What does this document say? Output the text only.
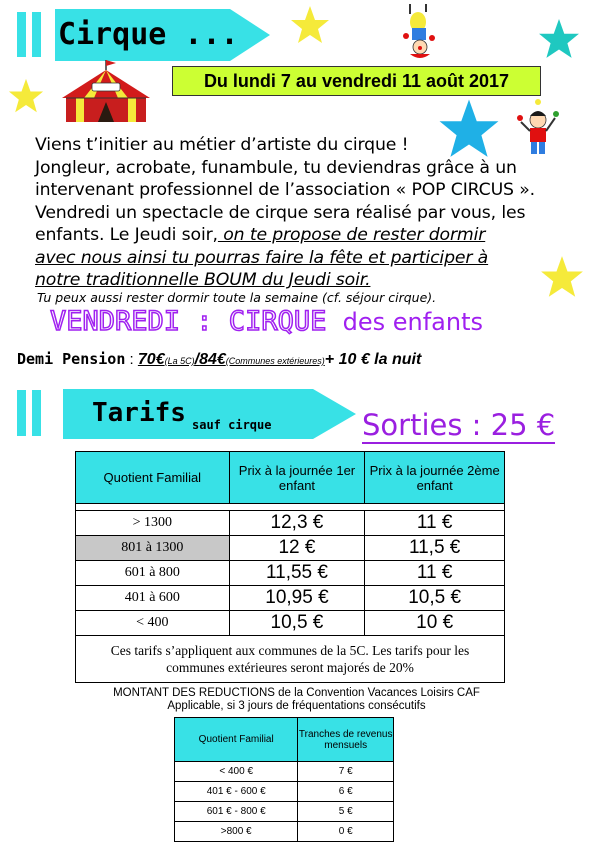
Cirque ...
Du lundi 7 au vendredi 11 août 2017
Viens t’initier au métier d’artiste du cirque !
Jongleur, acrobate, funambule, tu deviendras grâce à un
intervenant professionnel de l’association « POP CIRCUS ».
Vendredi un spectacle de cirque sera réalisé par vous, les
enfants. Le Jeudi soir, on te propose de rester dormir
avec nous ainsi tu pourras faire la fête et participer à
notre traditionnelle BOUM du Jeudi soir.
Tu peux aussi rester dormir toute la semaine (cf. séjour cirque).
VENDREDI : CIRQUE des enfants
Demi Pension : 70€(La 5C)/84€(Communes extérieures)+ 10 € la nuit
Tarifs sauf cirque	Sorties : 25 €
Quotient Familial	Prix à la journée 1er enfant	Prix à la journée 2ème enfant

> 1300	12,3 €	11 €
801 à 1300	12 €	11,5 €
601 à 800	11,55 €	11 €
401 à 600	10,95 €	10,5 €
< 400	10,5 €	10 €
Ces tarifs s’appliquent aux communes de la 5C. Les tarifs pour les communes extérieures seront majorés de 20%		
MONTANT DES REDUCTIONS de la Convention Vacances Loisirs CAF
Applicable, si 3 jours de fréquentations consécutifs
Quotient Familial	Tranches de revenus mensuels
< 400 €	7 €
401 € - 600 €	6 €
601 € - 800 €	5 €
>800 €	0 €
